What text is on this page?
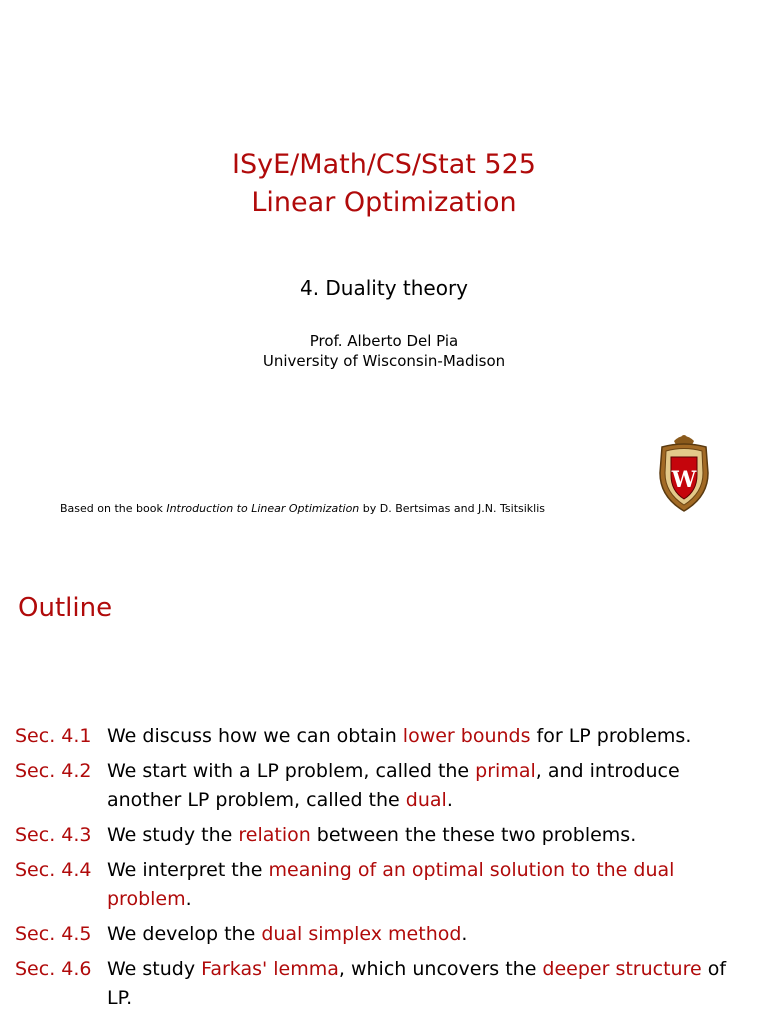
ISyE/Math/CS/Stat 525
Linear Optimization
4. Duality theory
Prof. Alberto Del Pia
University of Wisconsin-Madison
W
Based on the book Introduction to Linear Optimization by D. Bertsimas and J.N. Tsitsiklis
Outline
Sec. 4.1 We discuss how we can obtain lower bounds for LP problems.
Sec. 4.2 We start with a LP problem, called the primal, and introduce another LP problem, called the dual.
Sec. 4.3 We study the relation between the these two problems.
Sec. 4.4 We interpret the meaning of an optimal solution to the dual problem.
Sec. 4.5 We develop the dual simplex method.
Sec. 4.6 We study Farkas' lemma, which uncovers the deeper structure of LP.
